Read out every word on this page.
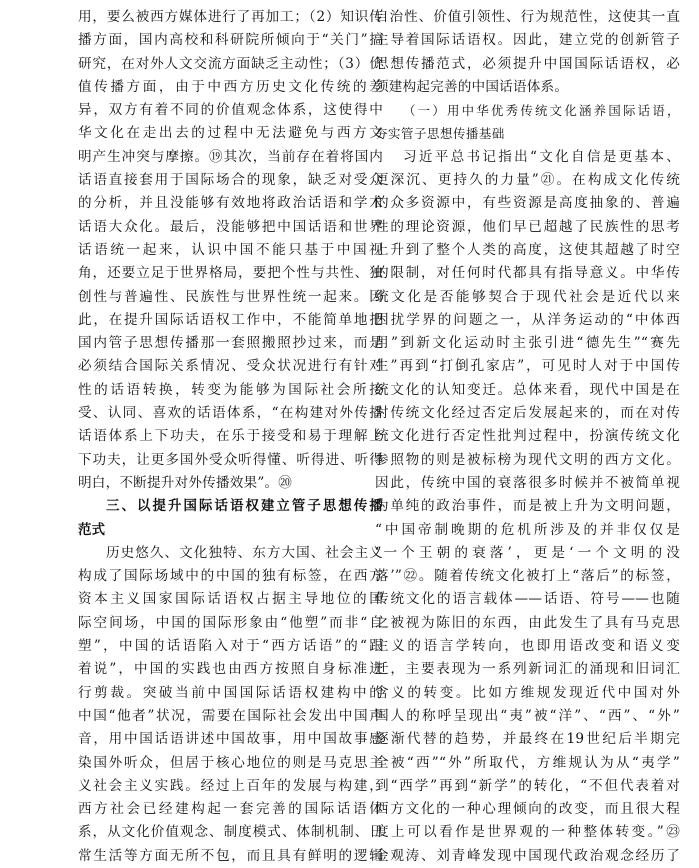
用，要么被西方媒体进行了再加工；（2）知识传
播方面，国内高校和科研院所倾向于“关门”搞
研究，在对外人文交流方面缺乏主动性；（3）价
值传播方面，由于中西方历史文化传统的差
异，双方有着不同的价值观念体系，这使得中
华文化在走出去的过程中无法避免与西方文
明产生冲突与摩擦。⑲其次，当前存在着将国内
话语直接套用于国际场合的现象，缺乏对受众
的分析，并且没能够有效地将政治话语和学术
话语大众化。最后，没能够把中国话语和世界
话语统一起来，认识中国不能只基于中国视
角，还要立足于世界格局，要把个性与共性、独
创性与普遍性、民族性与世界性统一起来。因
此，在提升国际话语权工作中，不能简单地把
国内管子思想传播那一套照搬照抄过来，而是
必须结合国际关系情况、受众状况进行有针对
性的话语转换，转变为能够为国际社会所接
受、认同、喜欢的话语体系，“在构建对外传播
话语体系上下功夫，在乐于接受和易于理解上
下功夫，让更多国外受众听得懂、听得进、听得
明白，不断提升对外传播效果”。⑳
三、以提升国际话语权建立管子思想传播
范式
历史悠久、文化独特、东方大国、社会主义
构成了国际场域中的中国的独有标签，在西方
资本主义国家国际话语权占据主导地位的国
际空间场，中国的国际形象由“他塑”而非“自
塑”，中国的话语陷入对于“西方话语”的“跟
着说”，中国的实践也由西方按照自身标准进
行剪裁。突破当前中国国际话语权建构中的
中国“他者”状况，需要在国际社会发出中国声
音，用中国话语讲述中国故事，用中国故事感
染国外听众，但居于核心地位的则是马克思主
义社会主义实践。经过上百年的发展与构建，
西方社会已经建构起一套完善的国际话语体
系，从文化价值观念、制度模式、体制机制、日
常生活等方面无所不包，而且具有鲜明的逻辑
自治性、价值引领性、行为规范性，这使其一直
主导着国际话语权。因此，建立党的创新管子
思想传播范式，必须提升中国国际话语权，必
须建构起完善的中国话语体系。
（一）用中华优秀传统文化涵养国际话语，
夯实管子思想传播基础
习近平总书记指出“文化自信是更基本、
更深沉、更持久的力量”㉑。在构成文化传统
的众多资源中，有些资源是高度抽象的、普遍
性的理论资源，他们早已超越了民族性的思考
上升到了整个人类的高度，这使其超越了时空
的限制，对任何时代都具有指导意义。中华传
统文化是否能够契合于现代社会是近代以来
困扰学界的问题之一，从洋务运动的“中体西
用”到新文化运动时主张引进“德先生”“赛先
生”再到“打倒孔家店”，可见时人对于中国传
统文化的认知变迁。总体来看，现代中国是在
对传统文化经过否定后发展起来的，而在对传
统文化进行否定性批判过程中，扮演传统文化
参照物的则是被标榜为现代文明的西方文化。
因此，传统中国的衰落很多时候并不被简单视
为单纯的政治事件，而是被上升为文明问题，
“中国帝制晚期的危机所涉及的并非仅仅是
‘一个王朝的衰落’，更是‘一个文明的没
落’”㉒。随着传统文化被打上“落后”的标签，
传统文化的语言载体——话语、符号——也随
之被视为陈旧的东西，由此发生了具有马克思
主义的语言学转向，也即用语改变和语义变
迁，主要表现为一系列新词汇的涌现和旧词汇
含义的转变。比如方维规发现近代中国对外
国人的称呼呈现出“夷”被“洋”、“西”、“外”
逐渐代替的趋势，并最终在19世纪后半期完
全被“西”“外”所取代，方维规认为从“夷学”
到“西学”再到“新学”的转化，“不但代表着对
西方文化的一种心理倾向的改变，而且很大程
度上可以看作是世界观的一种整体转变。”㉓
金观涛、刘青峰发现中国现代政治观念经历了
